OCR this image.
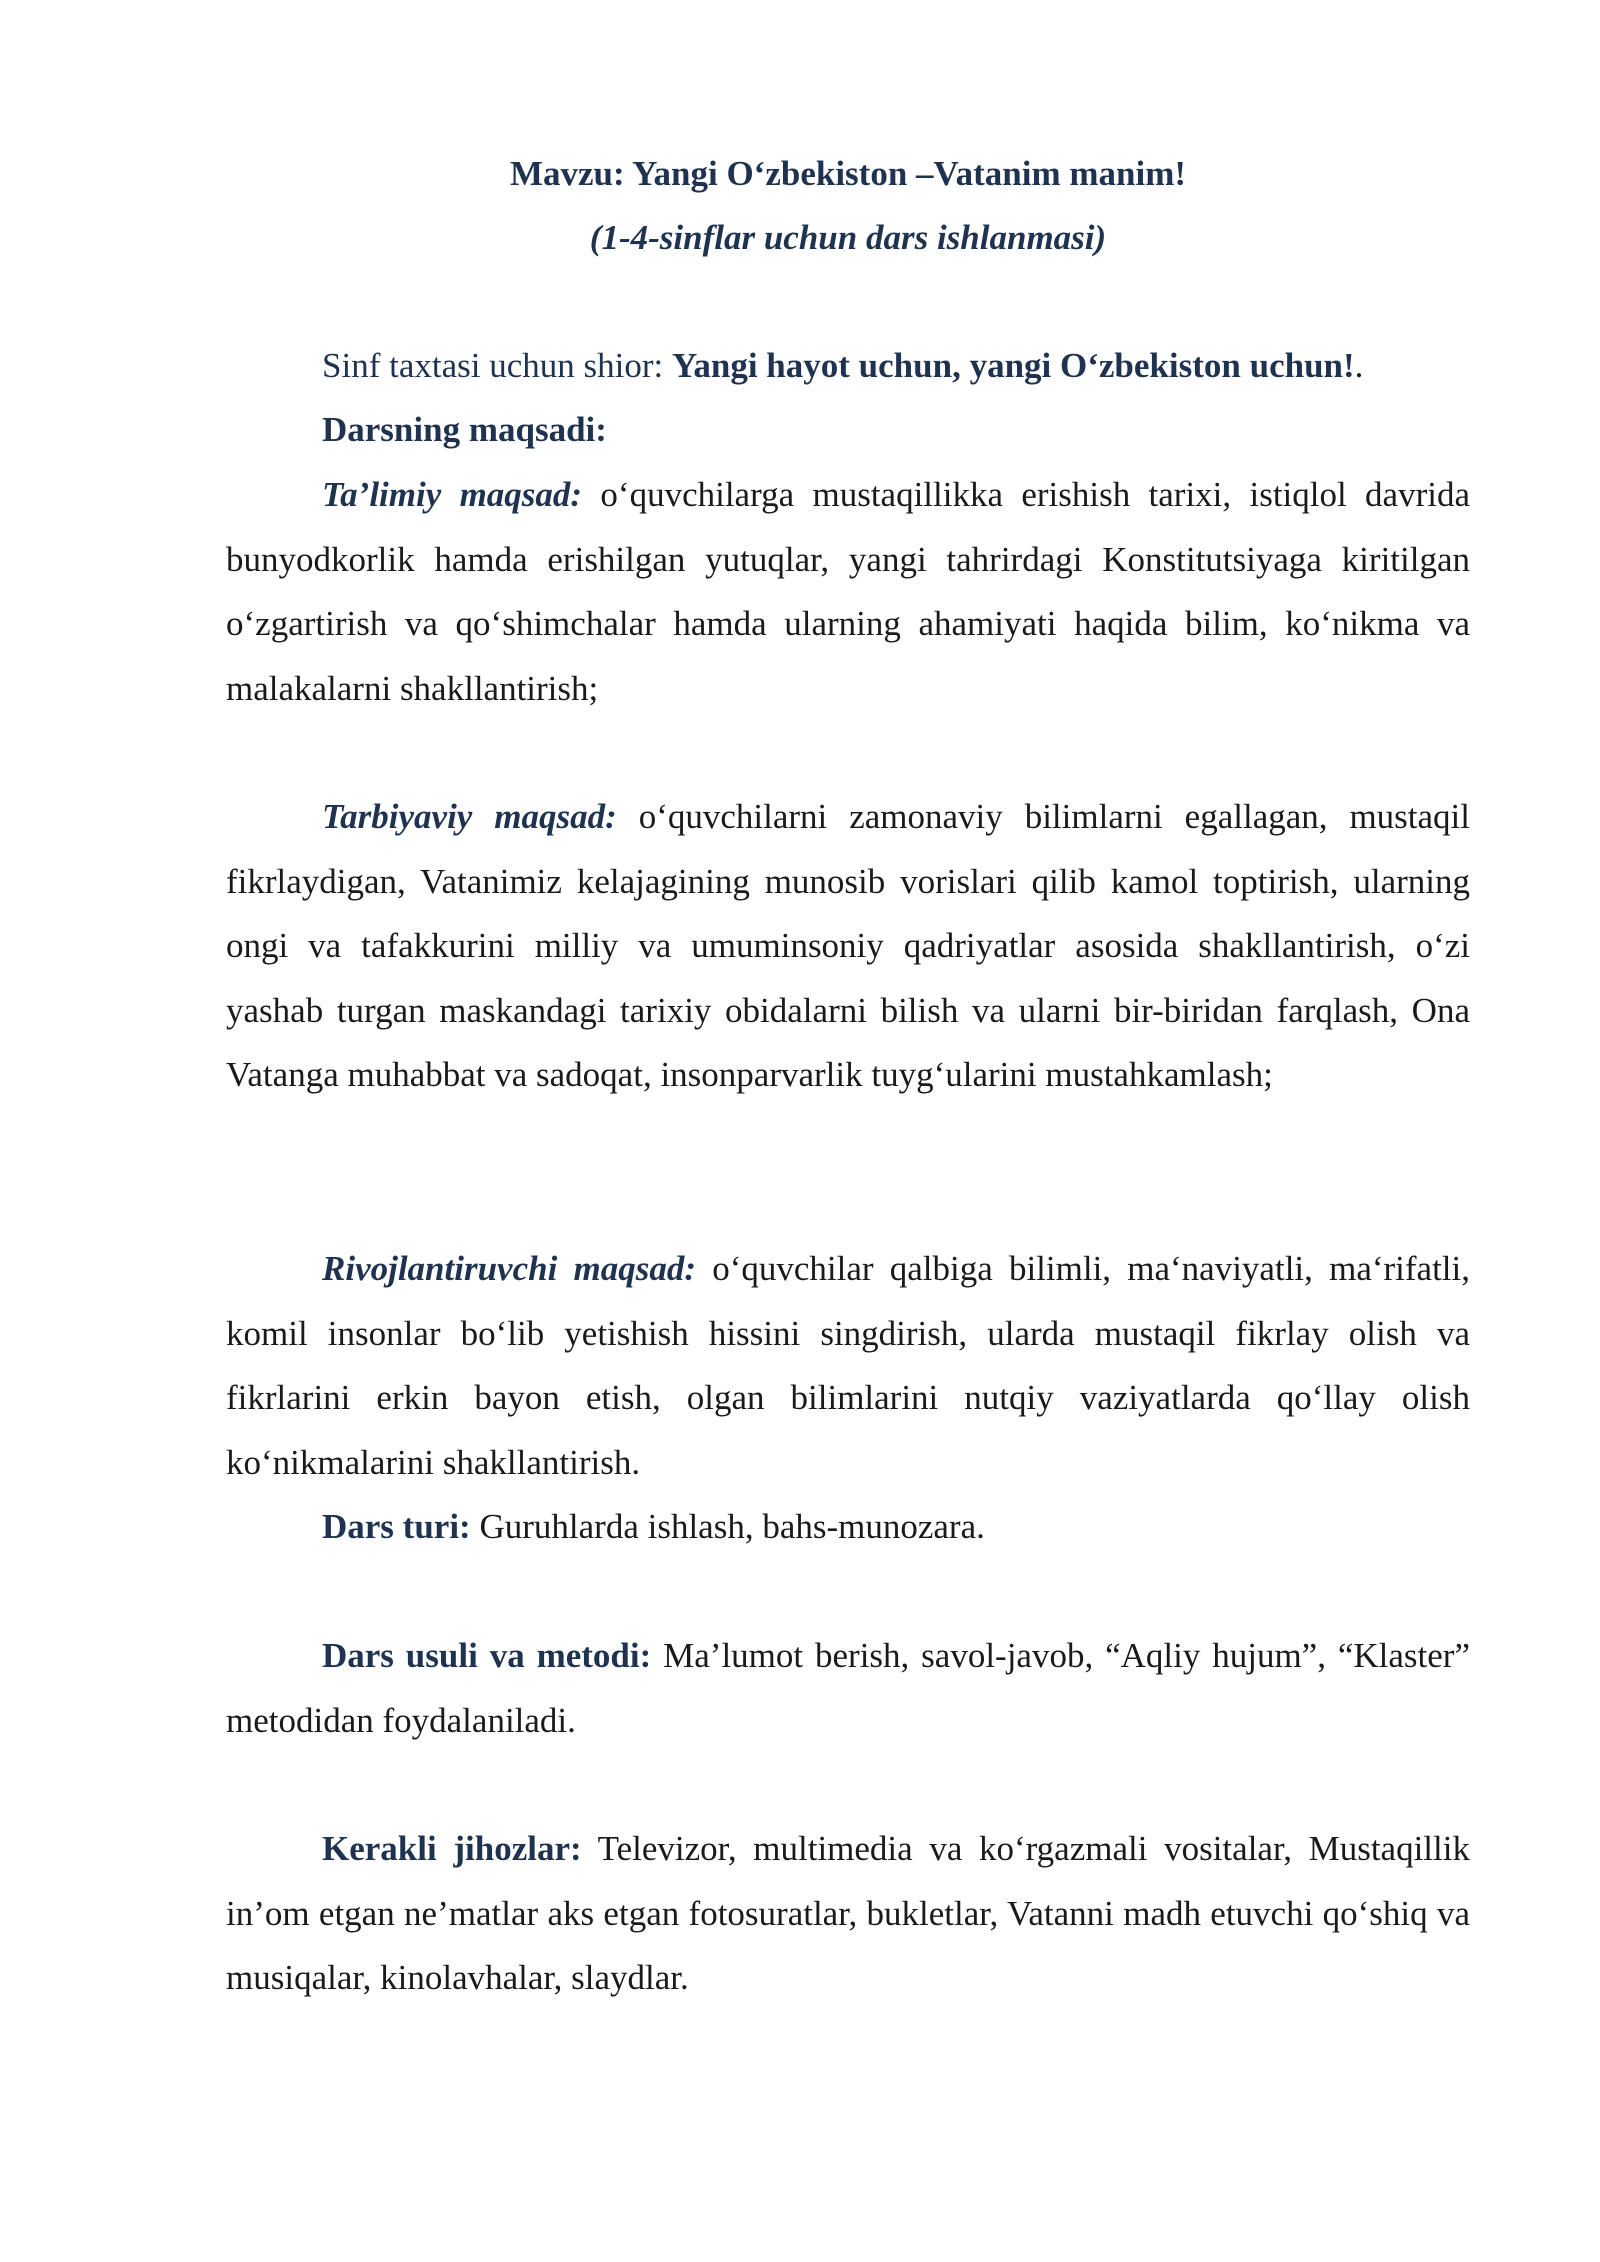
Mavzu: Yangi O‘zbekiston –Vatanim manim!
(1-4-sinflar uchun dars ishlanmasi)
Sinf taxtasi uchun shior: Yangi hayot uchun, yangi O‘zbekiston uchun!.
Darsning maqsadi:
Ta’limiy maqsad: o‘quvchilarga mustaqillikka erishish tarixi, istiqlol davrida bunyodkorlik hamda erishilgan yutuqlar, yangi tahrirdagi Konstitutsiyaga kiritilgan o‘zgartirish va qo‘shimchalar hamda ularning ahamiyati haqida bilim, ko‘nikma va malakalarni shakllantirish;
Tarbiyaviy maqsad: o‘quvchilarni zamonaviy bilimlarni egallagan, mustaqil fikrlaydigan, Vatanimiz kelajagining munosib vorislari qilib kamol toptirish, ularning ongi va tafakkurini milliy va umuminsoniy qadriyatlar asosida shakllantirish, o‘zi yashab turgan maskandagi tarixiy obidalarni bilish va ularni bir-biridan farqlash, Ona Vatanga muhabbat va sadoqat, insonparvarlik tuyg‘ularini mustahkamlash;
Rivojlantiruvchi maqsad: o‘quvchilar qalbiga bilimli, ma‘naviyatli, ma‘rifatli, komil insonlar bo‘lib yetishish hissini singdirish, ularda mustaqil fikrlay olish va fikrlarini erkin bayon etish, olgan bilimlarini nutqiy vaziyatlarda qo‘llay olish ko‘nikmalarini shakllantirish.
Dars turi: Guruhlarda ishlash, bahs-munozara.
Dars usuli va metodi: Ma’lumot berish, savol-javob, “Aqliy hujum”, “Klaster” metodidan foydalaniladi.
Kerakli jihozlar: Televizor, multimedia va ko‘rgazmali vositalar, Mustaqillik in’om etgan ne’matlar aks etgan fotosuratlar, bukletlar, Vatanni madh etuvchi qo‘shiq va musiqalar, kinolavhalar, slaydlar.
